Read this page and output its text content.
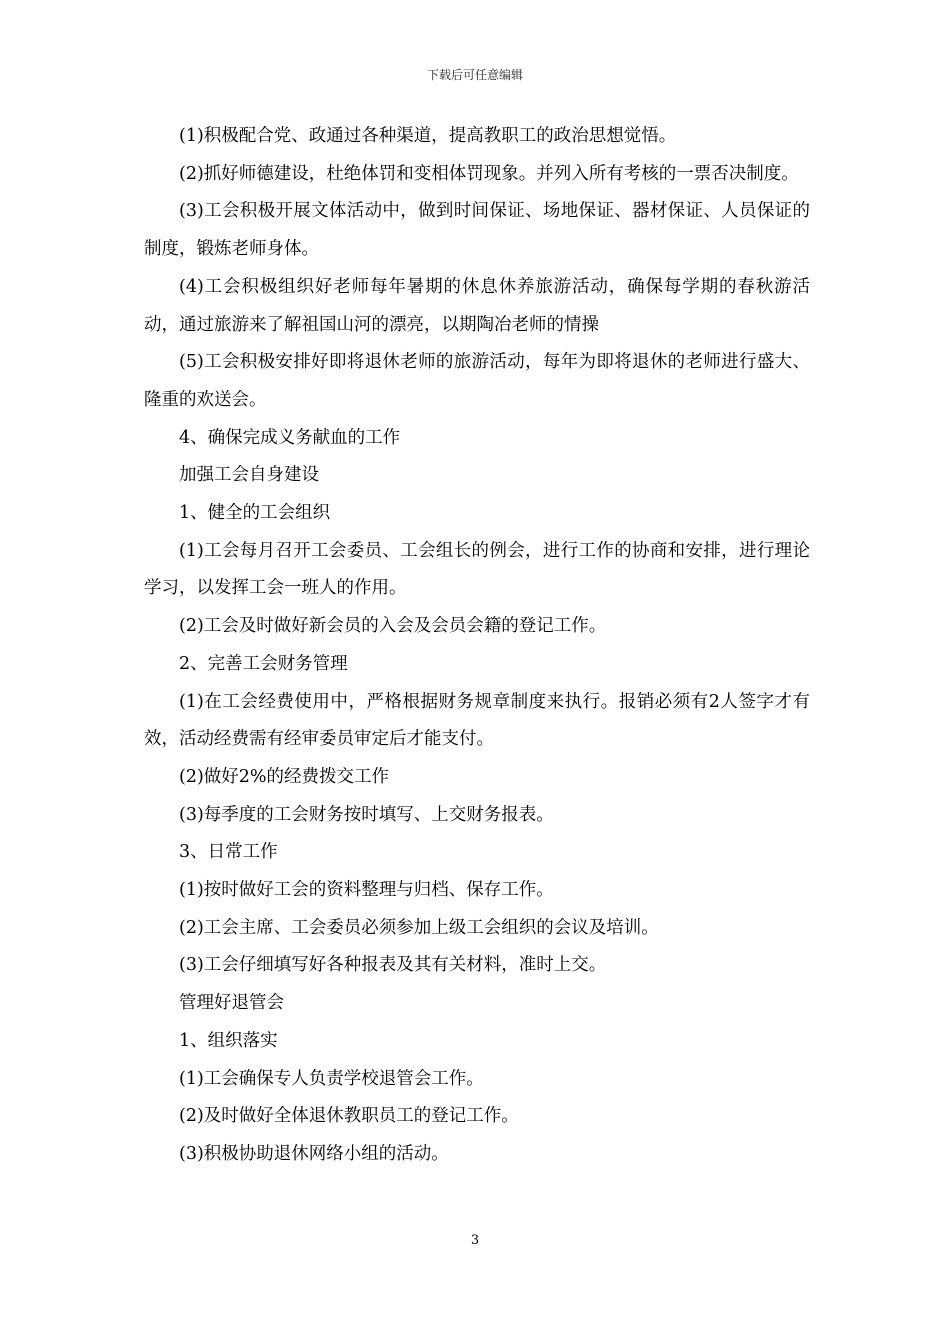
下载后可任意编辑

(1)积极配合党、政通过各种渠道，提高教职工的政治思想觉悟。

(2)抓好师德建设，杜绝体罚和变相体罚现象。并列入所有考核的一票否决制度。

(3)工会积极开展文体活动中，做到时间保证、场地保证、器材保证、人员保证的制度，锻炼老师身体。

(4)工会积极组织好老师每年暑期的休息休养旅游活动，确保每学期的春秋游活动，通过旅游来了解祖国山河的漂亮，以期陶冶老师的情操

(5)工会积极安排好即将退休老师的旅游活动，每年为即将退休的老师进行盛大、隆重的欢送会。

4、确保完成义务献血的工作

加强工会自身建设

1、健全的工会组织

(1)工会每月召开工会委员、工会组长的例会，进行工作的协商和安排，进行理论学习，以发挥工会一班人的作用。

(2)工会及时做好新会员的入会及会员会籍的登记工作。

2、完善工会财务管理

(1)在工会经费使用中，严格根据财务规章制度来执行。报销必须有2人签字才有效，活动经费需有经审委员审定后才能支付。

(2)做好2%的经费拨交工作

(3)每季度的工会财务按时填写、上交财务报表。

3、日常工作

(1)按时做好工会的资料整理与归档、保存工作。

(2)工会主席、工会委员必须参加上级工会组织的会议及培训。

(3)工会仔细填写好各种报表及其有关材料，准时上交。

管理好退管会

1、组织落实

(1)工会确保专人负责学校退管会工作。

(2)及时做好全体退休教职员工的登记工作。

(3)积极协助退休网络小组的活动。

3
